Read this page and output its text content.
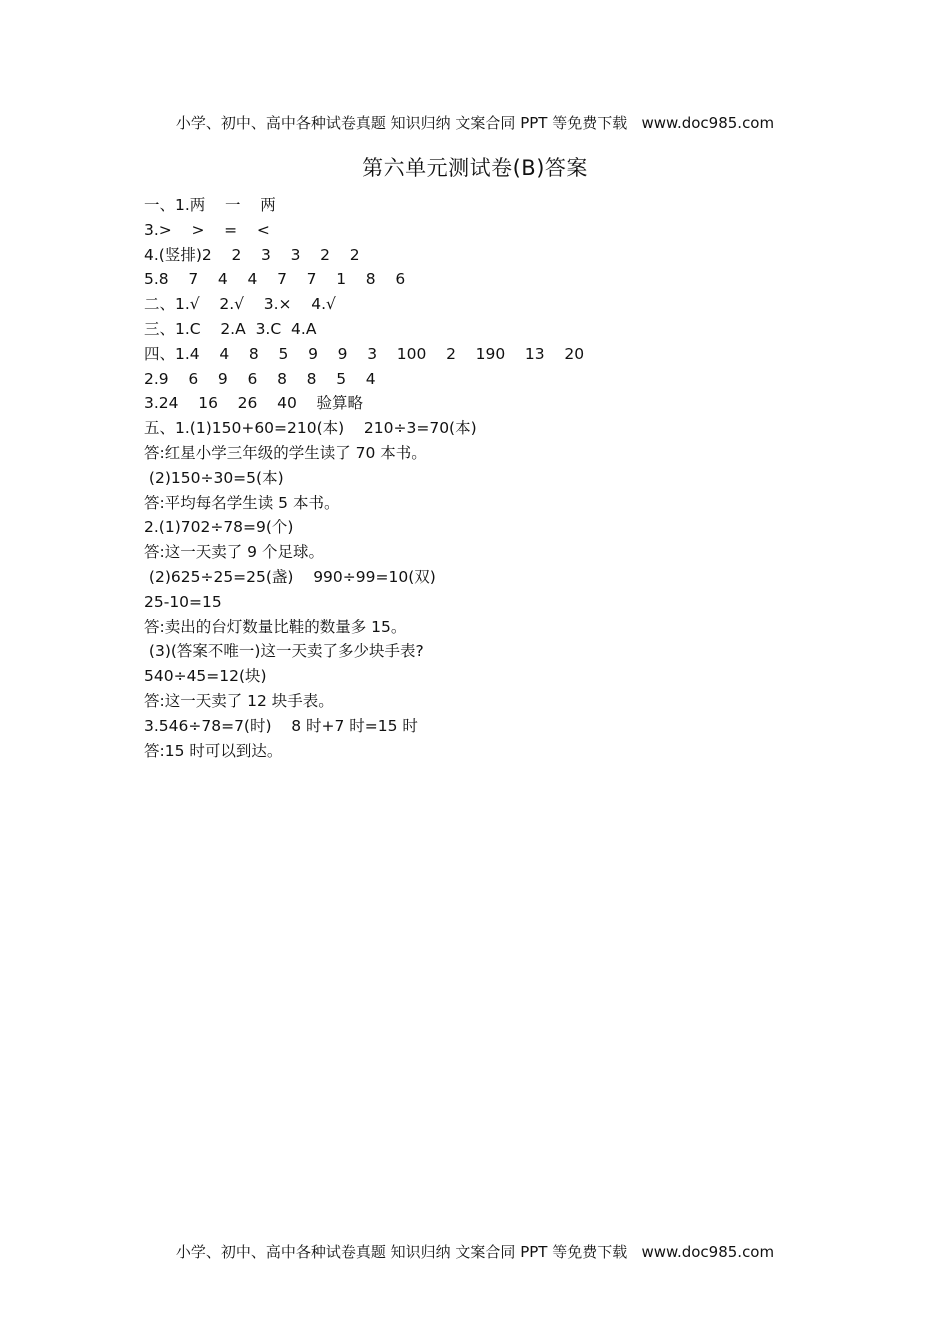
小学、初中、高中各种试卷真题 知识归纳 文案合同 PPT 等免费下载   www.doc985.com
第六单元测试卷(B)答案
一、1.两    一    两
3.>    >    =    <
4.(竖排)2    2    3    3    2    2
5.8    7    4    4    7    7    1    8    6
二、1.√    2.√    3.×    4.√
三、1.C    2.A  3.C  4.A
四、1.4    4    8    5    9    9    3    100    2    190    13    20
2.9    6    9    6    8    8    5    4
3.24    16    26    40    验算略
五、1.(1)150+60=210(本)    210÷3=70(本)
答:红星小学三年级的学生读了 70 本书。
(2)150÷30=5(本)
答:平均每名学生读 5 本书。
2.(1)702÷78=9(个)
答:这一天卖了 9 个足球。
(2)625÷25=25(盏)    990÷99=10(双)
25-10=15
答:卖出的台灯数量比鞋的数量多 15。
(3)(答案不唯一)这一天卖了多少块手表?
540÷45=12(块)
答:这一天卖了 12 块手表。
3.546÷78=7(时)    8 时+7 时=15 时
答:15 时可以到达。
小学、初中、高中各种试卷真题 知识归纳 文案合同 PPT 等免费下载   www.doc985.com
